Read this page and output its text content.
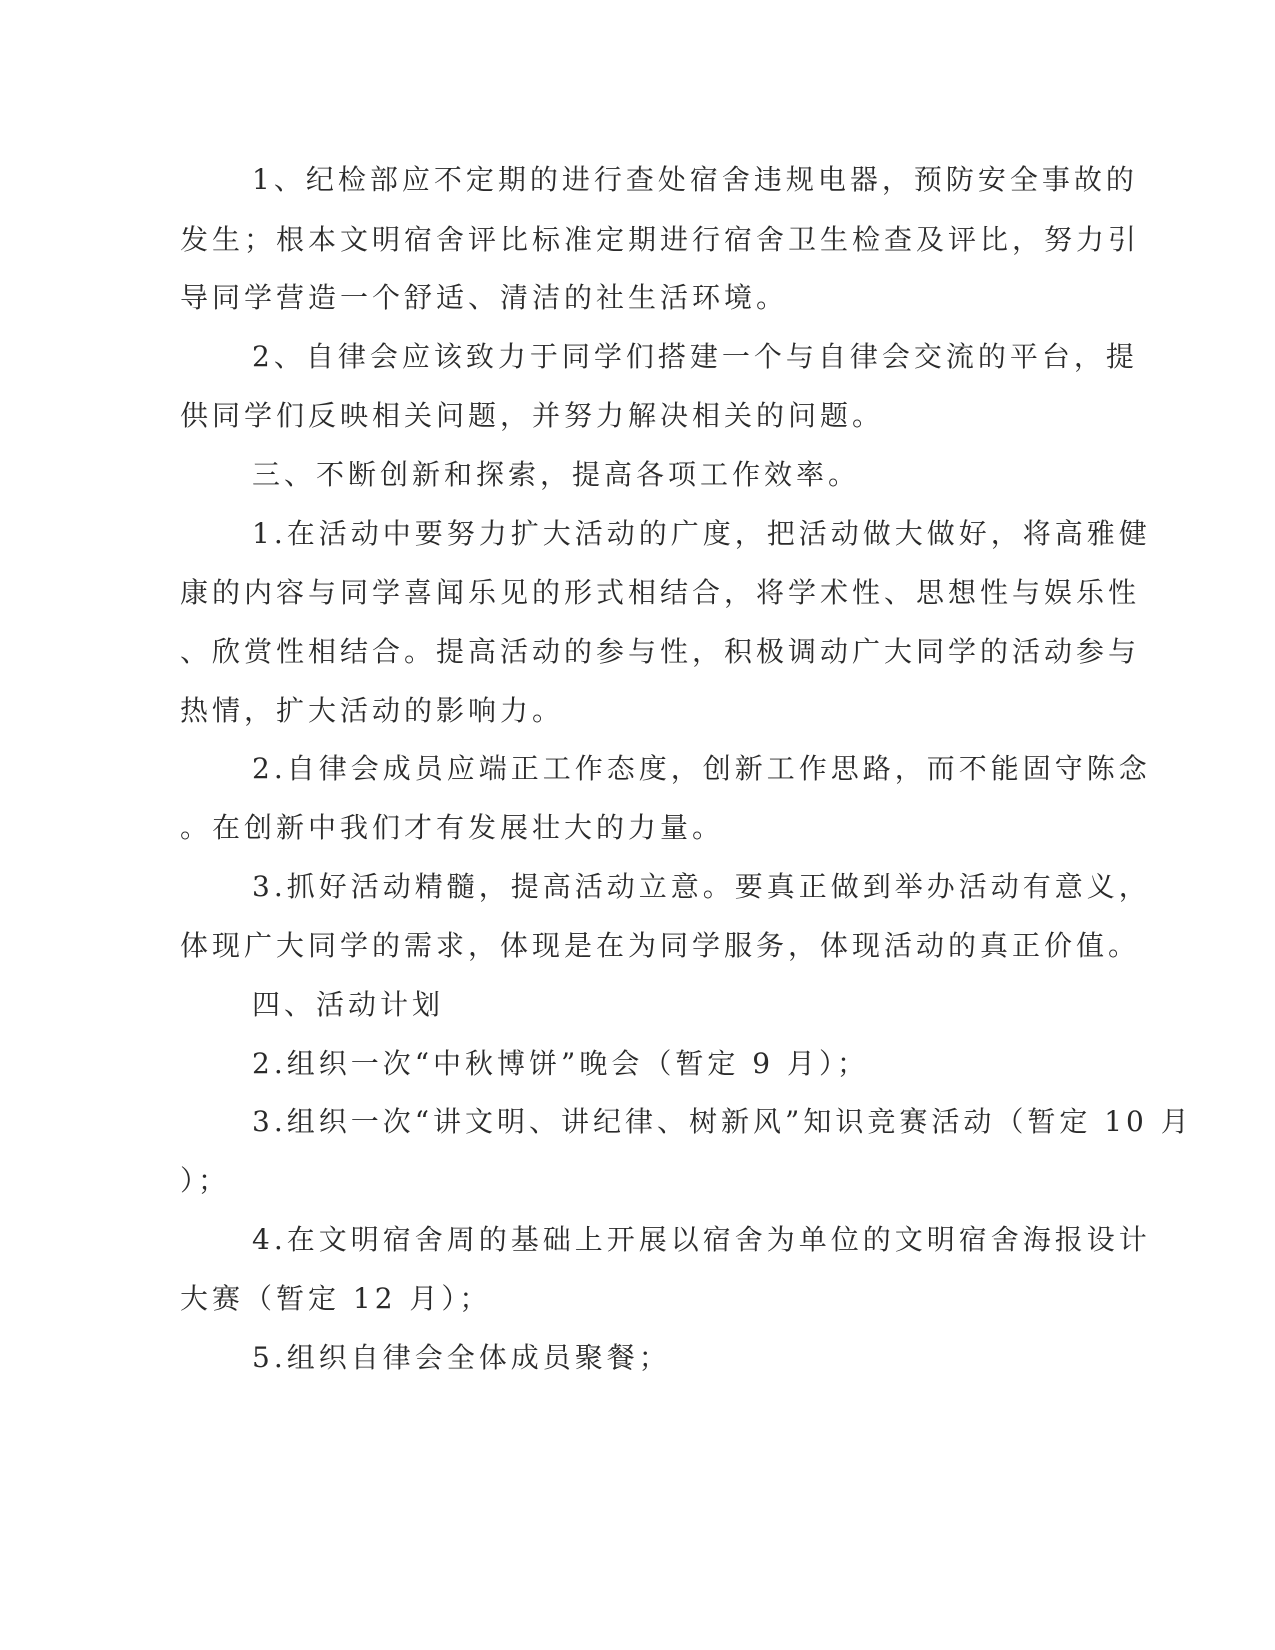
1、纪检部应不定期的进行查处宿舍违规电器，预防安全事故的
发生；根本文明宿舍评比标准定期进行宿舍卫生检查及评比，努力引
导同学营造一个舒适、清洁的社生活环境。
2、自律会应该致力于同学们搭建一个与自律会交流的平台，提
供同学们反映相关问题，并努力解决相关的问题。
三、不断创新和探索，提高各项工作效率。
1.在活动中要努力扩大活动的广度，把活动做大做好，将高雅健
康的内容与同学喜闻乐见的形式相结合，将学术性、思想性与娱乐性
、欣赏性相结合。提高活动的参与性，积极调动广大同学的活动参与
热情，扩大活动的影响力。
2.自律会成员应端正工作态度，创新工作思路，而不能固守陈念
。在创新中我们才有发展壮大的力量。
3.抓好活动精髓，提高活动立意。要真正做到举办活动有意义，
体现广大同学的需求，体现是在为同学服务，体现活动的真正价值。
四、活动计划
2.组织一次“中秋博饼”晚会（暂定 9 月）；
3.组织一次“讲文明、讲纪律、树新风”知识竞赛活动（暂定 10 月
）；
4.在文明宿舍周的基础上开展以宿舍为单位的文明宿舍海报设计
大赛（暂定 12 月）；
5.组织自律会全体成员聚餐；
